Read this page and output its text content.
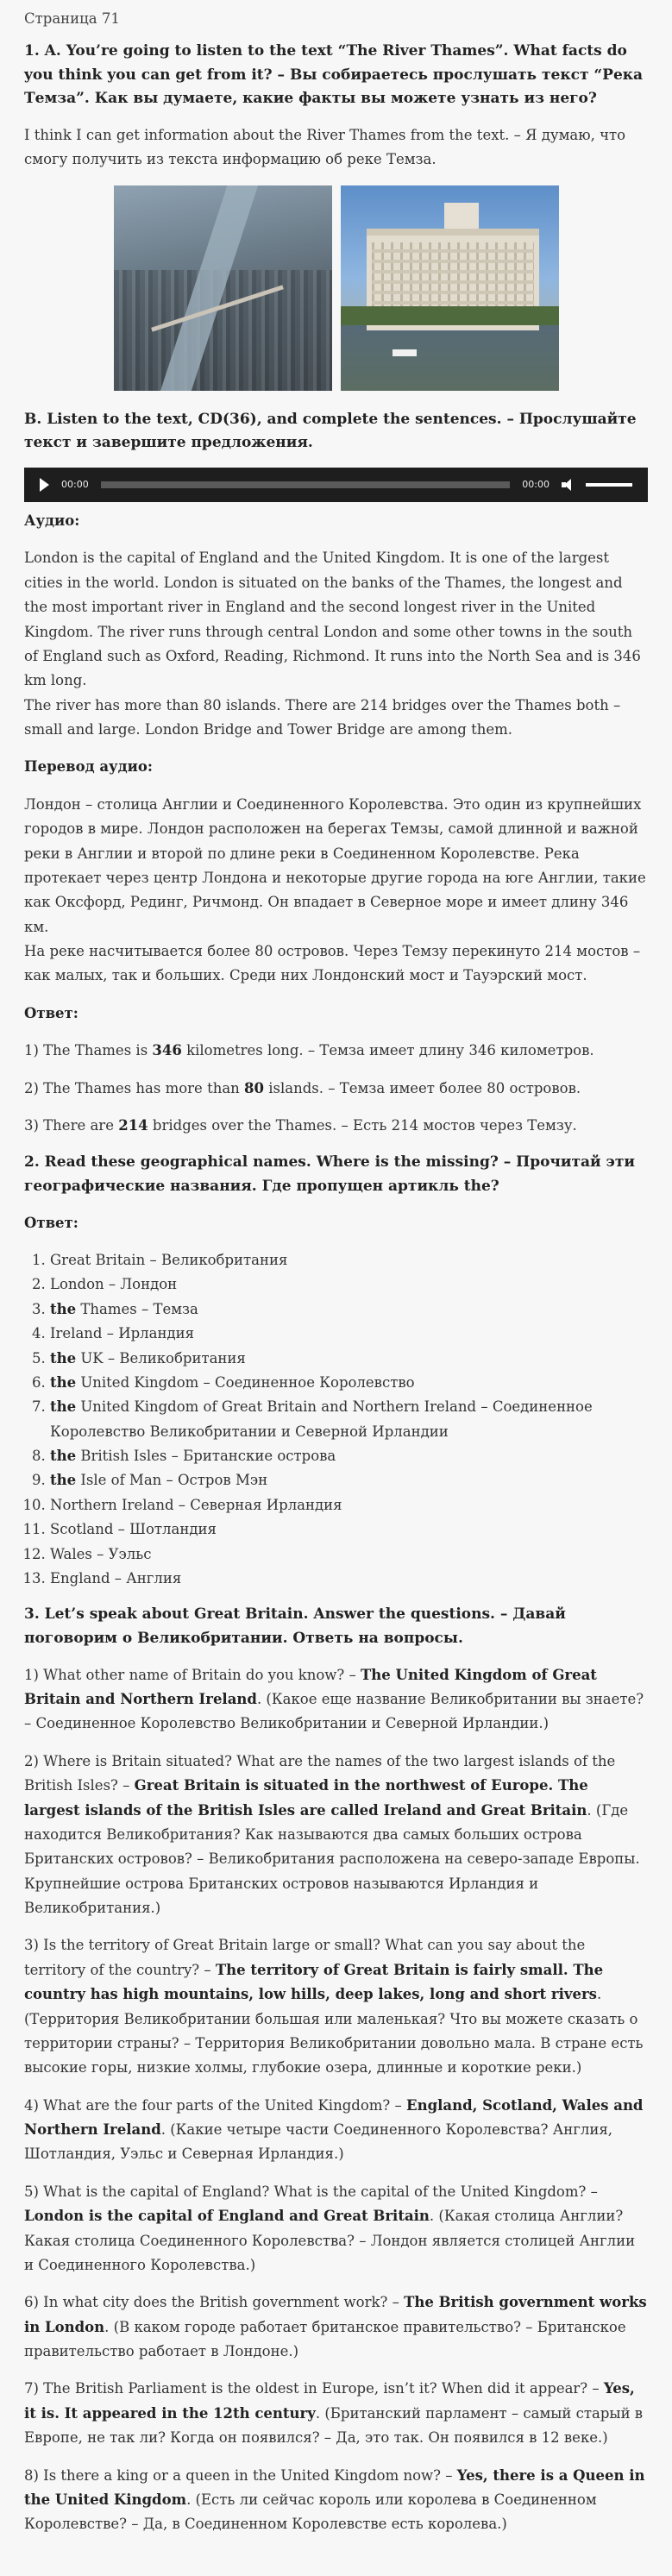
Страница 71

1. A. You’re going to listen to the text “The River Thames”. What facts do you think you can get from it? – Вы собираетесь прослушать текст “Река Темза”. Как вы думаете, какие факты вы можете узнать из него?

I think I can get information about the River Thames from the text. – Я думаю, что смогу получить из текста информацию об реке Темза.

B. Listen to the text, CD(36), and complete the sentences. – Прослушайте текст и завершите предложения.
00:00	00:00

Аудио:

London is the capital of England and the United Kingdom. It is one of the largest cities in the world. London is situated on the banks of the Thames, the longest and the most important river in England and the second longest river in the United Kingdom. The river runs through central London and some other towns in the south of England such as Oxford, Reading, Richmond. It runs into the North Sea and is 346 km long.

The river has more than 80 islands. There are 214 bridges over the Thames both – small and large. London Bridge and Tower Bridge are among them.

Перевод аудио:

Лондон – столица Англии и Соединенного Королевства. Это один из крупнейших городов в мире. Лондон расположен на берегах Темзы, самой длинной и важной реки в Англии и второй по длине реки в Соединенном Королевстве. Река протекает через центр Лондона и некоторые другие города на юге Англии, такие как Оксфорд, Рединг, Ричмонд. Он впадает в Северное море и имеет длину 346 км.

На реке насчитывается более 80 островов. Через Темзу перекинуто 214 мостов – как малых, так и больших. Среди них Лондонский мост и Тауэрский мост.

Ответ:

1) The Thames is 346 kilometres long. – Темза имеет длину 346 километров.

2) The Thames has more than 80 islands. – Темза имеет более 80 островов.

3) There are 214 bridges over the Thames. – Есть 214 мостов через Темзу.

2. Read these geographical names. Where is the missing? – Прочитай эти географические названия. Где пропущен артикль the?

Ответ:

1. Great Britain – Великобритания
2. London – Лондон
3. the Thames – Темза
4. Ireland – Ирландия
5. the UK – Великобритания
6. the United Kingdom – Соединенное Королевство
7. the United Kingdom of Great Britain and Northern Ireland – Соединенное Королевство Великобритании и Северной Ирландии
8. the British Isles – Британские острова
9. the Isle of Man – Остров Мэн
10. Northern Ireland – Северная Ирландия
11. Scotland – Шотландия
12. Wales – Уэльс
13. England – Англия
3. Let’s speak about Great Britain. Answer the questions. – Давай поговорим о Великобритании. Ответь на вопросы.

1) What other name of Britain do you know? – The United Kingdom of Great Britain and Northern Ireland. (Какое еще название Великобритании вы знаете? – Соединенное Королевство Великобритании и Северной Ирландии.)

2) Where is Britain situated? What are the names of the two largest islands of the British Isles? – Great Britain is situated in the northwest of Europe. The largest islands of the British Isles are called Ireland and Great Britain. (Где находится Великобритания? Как называются два самых больших острова Британских островов? – Великобритания расположена на северо-западе Европы. Крупнейшие острова Британских островов называются Ирландия и Великобритания.)

3) Is the territory of Great Britain large or small? What can you say about the territory of the country? – The territory of Great Britain is fairly small. The country has high mountains, low hills, deep lakes, long and short rivers. (Территория Великобритании большая или маленькая? Что вы можете сказать о территории страны? – Территория Великобритании довольно мала. В стране есть высокие горы, низкие холмы, глубокие озера, длинные и короткие реки.)

4) What are the four parts of the United Kingdom? – England, Scotland, Wales and Northern Ireland. (Какие четыре части Соединенного Королевства? Англия, Шотландия, Уэльс и Северная Ирландия.)

5) What is the capital of England? What is the capital of the United Kingdom? – London is the capital of England and Great Britain. (Какая столица Англии? Какая столица Соединенного Королевства? – Лондон является столицей Англии и Соединенного Королевства.)

6) In what city does the British government work? – The British government works in London. (В каком городе работает британское правительство? – Британское правительство работает в Лондоне.)

7) The British Parliament is the oldest in Europe, isn’t it? When did it appear? – Yes, it is. It appeared in the 12th century. (Британский парламент – самый старый в Европе, не так ли? Когда он появился? – Да, это так. Он появился в 12 веке.)

8) Is there a king or a queen in the United Kingdom now? – Yes, there is a Queen in the United Kingdom. (Есть ли сейчас король или королева в Соединенном Королевстве? – Да, в Соединенном Королевстве есть королева.)
